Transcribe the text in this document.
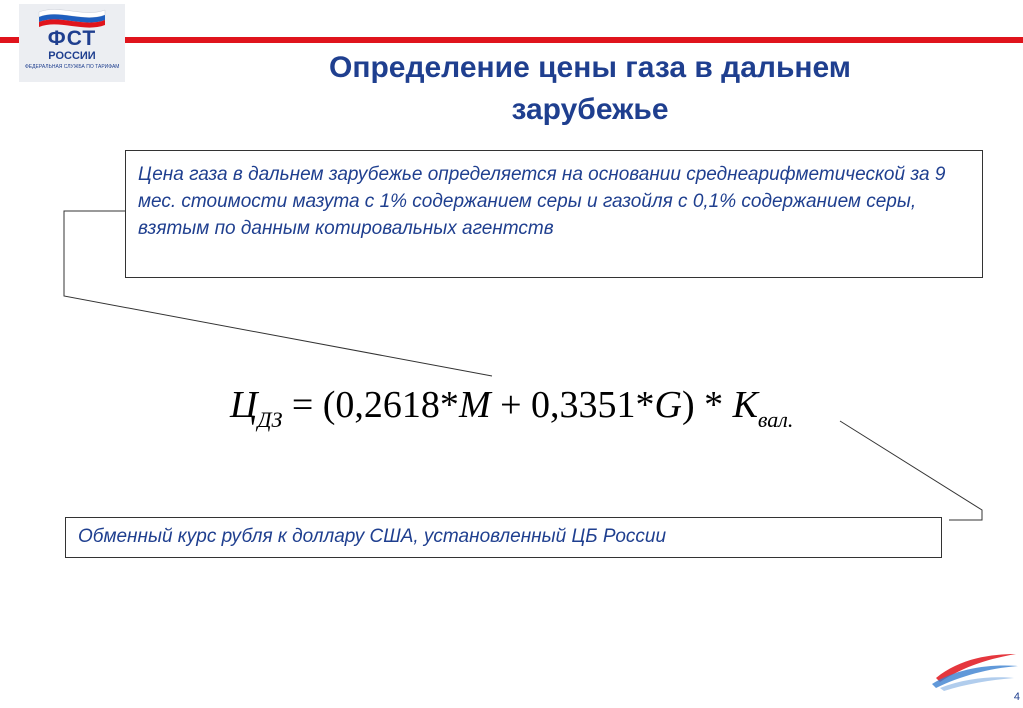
ФСТ
РОССИИ
ФЕДЕРАЛЬНАЯ СЛУЖБА ПО ТАРИФАМ	Определение цены газа в дальнем зарубежье
Цена газа в дальнем зарубежье определяется на основании среднеарифметической за 9 мес. стоимости мазута с 1% содержанием серы и газойля с 0,1% содержанием серы, взятым по данным котировальных агентств
$Ц_{ДЗ} = (0,2618*M + 0,3351*G) * К_{вал.}$
Обменный курс рубля к доллару США, установленный ЦБ России
4
